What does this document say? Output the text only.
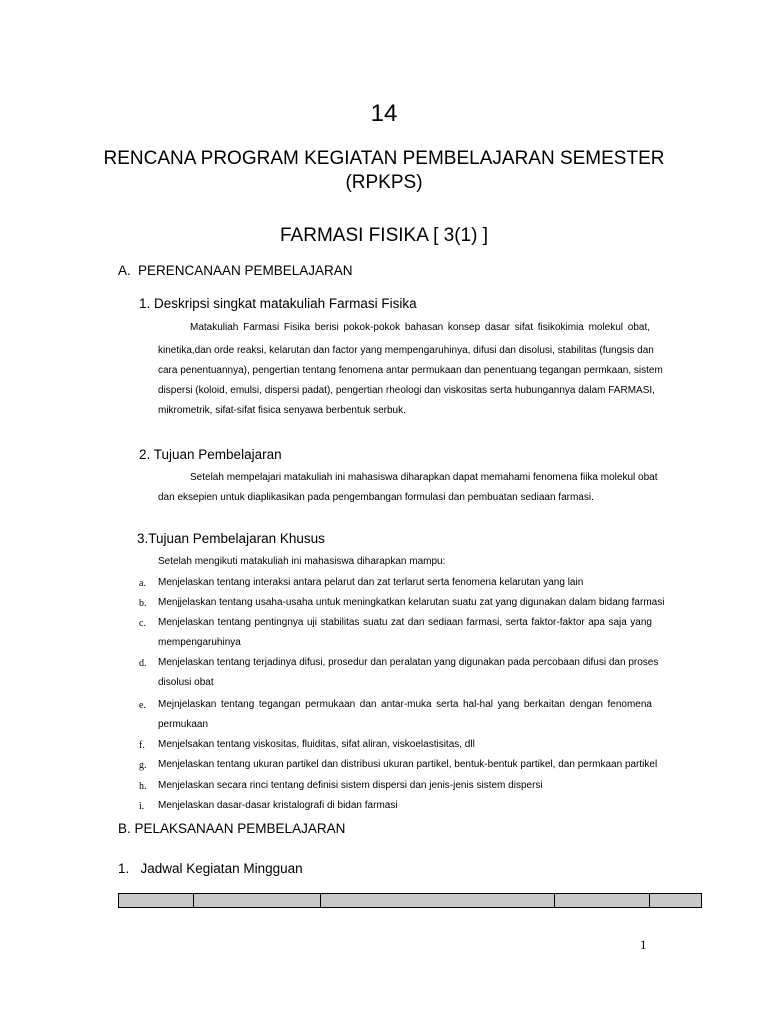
14
RENCANA PROGRAM KEGIATAN PEMBELAJARAN SEMESTER
(RPKPS)
FARMASI FISIKA [ 3(1) ]
A. PERENCANAAN PEMBELAJARAN
1. Deskripsi singkat matakuliah Farmasi Fisika
Matakuliah Farmasi Fisika berisi pokok-pokok bahasan konsep dasar sifat fisikokimia molekul obat,
kinetika,dan orde reaksi, kelarutan dan factor yang mempengaruhinya, difusi dan disolusi, stabilitas (fungsis dan
cara penentuannya), pengertian tentang fenomena antar permukaan dan penentuang tegangan permkaan, sistem
dispersi (koloid, emulsi, dispersi padat), pengertian rheologi dan viskositas serta hubungannya dalam FARMASI,
mikrometrik, sifat-sifat fisica senyawa berbentuk serbuk.
2. Tujuan Pembelajaran
Setelah mempelajari matakuliah ini mahasiswa diharapkan dapat memahami fenomena fiika molekul obat
dan eksepien untuk diaplikasikan pada pengembangan formulasi dan pembuatan sediaan farmasi.
3.Tujuan Pembelajaran Khusus
Setelah mengikuti matakuliah ini mahasiswa diharapkan mampu:
a. Menjelaskan tentang interaksi antara pelarut dan zat terlarut serta fenomena kelarutan yang lain
b. Menjjelaskan tentang usaha-usaha untuk meningkatkan kelarutan suatu zat yang digunakan dalam bidang farmasi
c. Menjelaskan tentang pentingnya uji stabilitas suatu zat dan sediaan farmasi, serta faktor-faktor apa saja yang
mempengaruhinya
d. Menjelaskan tentang terjadinya difusi, prosedur dan peralatan yang digunakan pada percobaan difusi dan proses
disolusi obat
e. Mejnjelaskan tentang tegangan permukaan dan antar-muka serta hal-hal yang berkaitan dengan fenomena
permukaan
f. Menjelsakan tentang viskositas, fluiditas, sifat aliran, viskoelastisitas, dll
g. Menjelaskan tentang ukuran partikel dan distribusi ukuran partikel, bentuk-bentuk partikel, dan permkaan partikel
h. Menjelaskan secara rinci tentang definisi sistem dispersi dan jenis-jenis sistem dispersi
i. Menjelaskan dasar-dasar kristalografi di bidan farmasi
B. PELAKSANAAN PEMBELAJARAN
1.   Jadwal Kegiatan Mingguan
1
